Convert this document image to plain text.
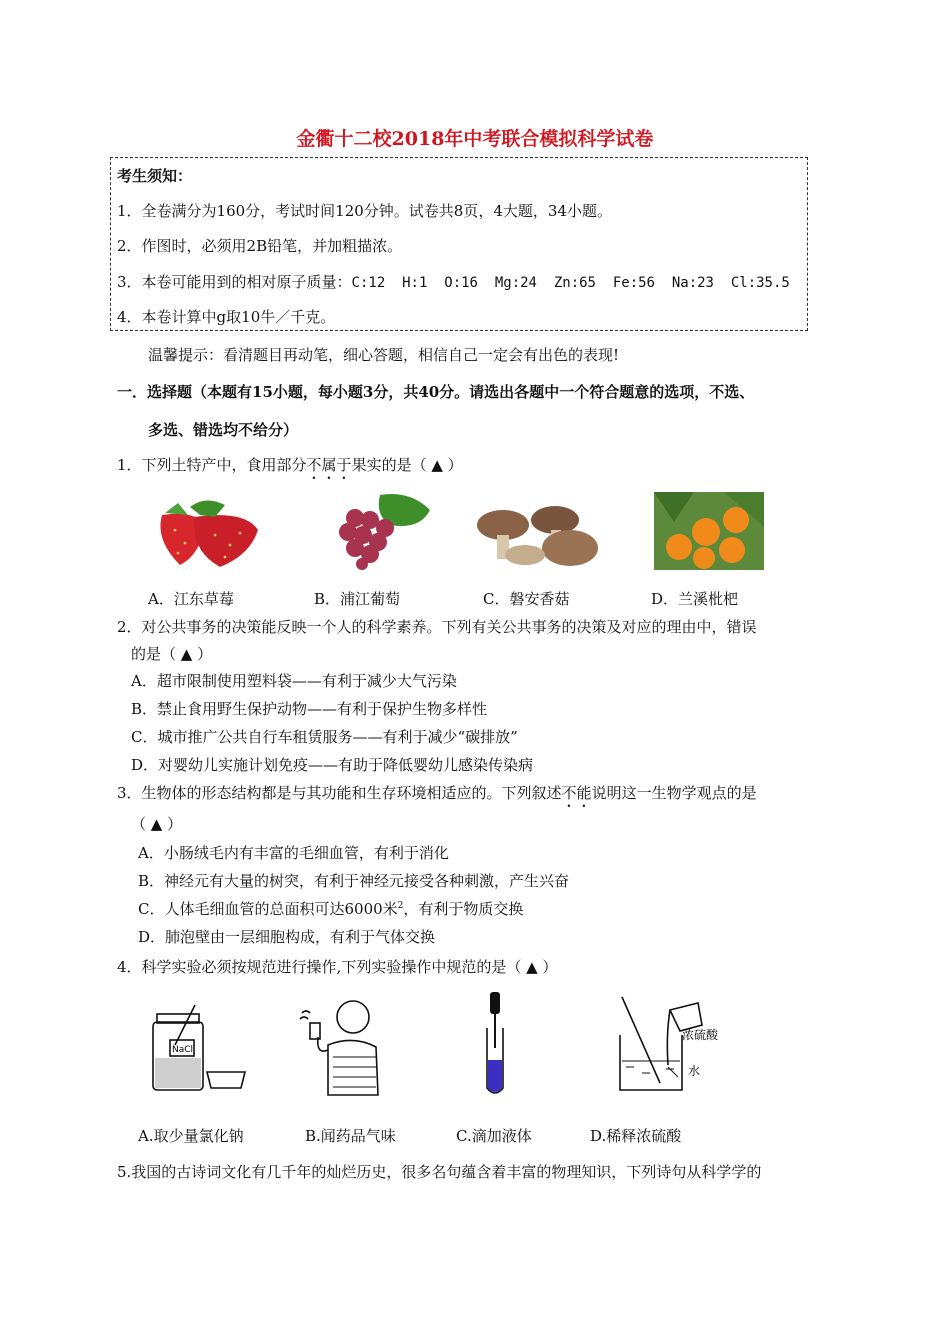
金衢十二校2018年中考联合模拟科学试卷
考生须知：
1．全卷满分为160分，考试时间120分钟。试卷共8页，4大题，34小题。
2．作图时，必须用2B铅笔，并加粗描浓。
3．本卷可能用到的相对原子质量：C:12  H:1  O:16  Mg:24  Zn:65  Fe:56  Na:23  Cl:35.5
4．本卷计算中g取10牛／千克。
温馨提示：看清题目再动笔，细心答题，相信自己一定会有出色的表现!
一．选择题（本题有15小题，每小题3分，共40分。请选出各题中一个符合题意的选项，不选、
多选、错选均不给分）
1．下列土特产中，食用部分不属于果实的是（ ▲ ）
A．江东草莓	B．浦江葡萄	C．磐安香菇	D．兰溪枇杷
2．对公共事务的决策能反映一个人的科学素养。下列有关公共事务的决策及对应的理由中，错误
的是（ ▲ ）
A．超市限制使用塑料袋——有利于减少大气污染
B．禁止食用野生保护动物——有利于保护生物多样性
C．城市推广公共自行车租赁服务——有利于减少“碳排放”
D．对婴幼儿实施计划免疫——有助于降低婴幼儿感染传染病
3．生物体的形态结构都是与其功能和生存环境相适应的。下列叙述不能说明这一生物学观点的是
（ ▲ ）
A．小肠绒毛内有丰富的毛细血管，有利于消化
B．神经元有大量的树突，有利于神经元接受各种刺激，产生兴奋
C．人体毛细血管的总面积可达6000米$^2$，有利于物质交换
D．肺泡壁由一层细胞构成，有利于气体交换
4．科学实验必须按规范进行操作,下列实验操作中规范的是（ ▲ ）
NaCl
浓硫酸
水
A.取少量氯化钠	B.闻药品气味	C.滴加液体	D.稀释浓硫酸
5.我国的古诗词文化有几千年的灿烂历史，很多名句蕴含着丰富的物理知识，下列诗句从科学学的
